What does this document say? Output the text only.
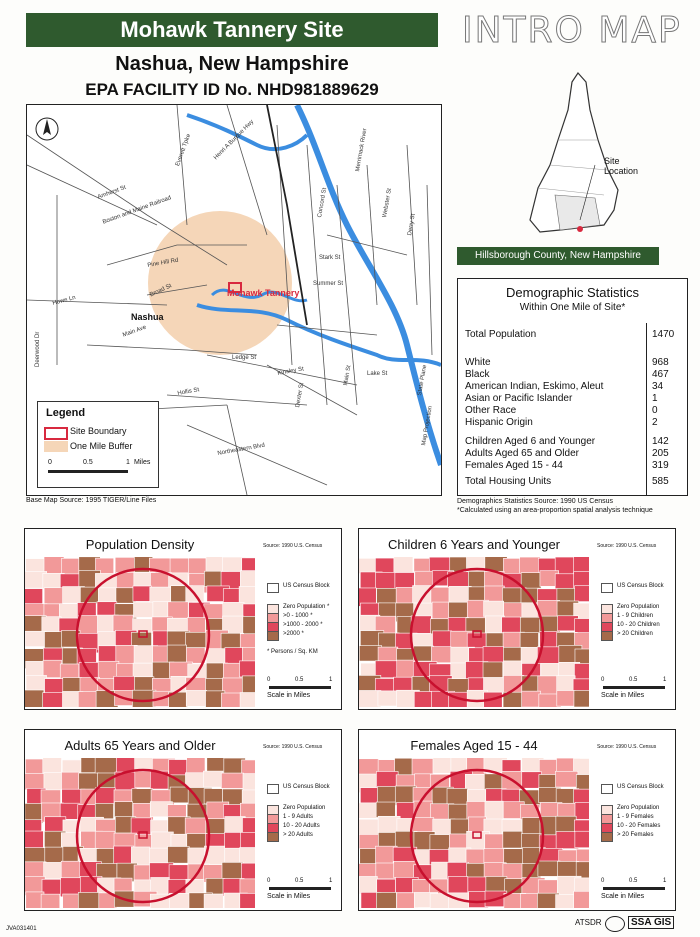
Mohawk Tannery Site	INTRO MAP
Nashua, New Hampshire
EPA FACILITY ID No. NHD981889629
Mohawk Tannery
Nashua
Amherst St
Boston and Maine Railroad
Pine Hill Rd
Broad St
Main Ave
Howe Ln
Deerwood Dr
Henri A Burque Hwy
Everett Tpke
Concord St
Stark St
Summer St
Ledge St
Kinsley St
Hollis St
Northeastern Blvd
Main St
Dexter St
Lake St
Webster St
Derry St
Merrimack River
State Plane
Map Projection
Legend
Site Boundary
One Mile Buffer
0	0.5	1 Miles
Base Map Source: 1995 TIGER/Line Files
Site Location
Hillsborough County, New Hampshire
Demographic Statistics
Within One Mile of Site*
Total Population	1470
White	968
Black	467
American Indian, Eskimo, Aleut	34
Asian or Pacific Islander	1
Other Race	0
Hispanic Origin	2
Children Aged 6 and Younger	142
Adults Aged 65 and Older	205
Females Aged 15 - 44	319
Total Housing Units	585
Demographics Statistics Source: 1990 US Census
*Calculated using an area-proportion spatial analysis technique
Population Density	Source: 1990 U.S. Census
US Census Block
Zero Population *
>0 - 1000 *
>1000 - 2000 *
>2000 *
* Persons / Sq. KM
0	0.5	1
Scale in Miles
Children 6 Years and Younger	Source: 1990 U.S. Census
US Census Block
Zero Population
1 - 9 Children
10 - 20 Children
> 20 Children
0	0.5	1
Scale in Miles
Adults 65 Years and Older	Source: 1990 U.S. Census
US Census Block
Zero Population
1 - 9 Adults
10 - 20 Adults
> 20 Adults
0	0.5	1
Scale in Miles
Females Aged 15 - 44	Source: 1990 U.S. Census
US Census Block
Zero Population
1 - 9 Females
10 - 20 Females
> 20 Females
0	0.5	1
Scale in Miles
JVA031401
ATSDR	SSA GIS
